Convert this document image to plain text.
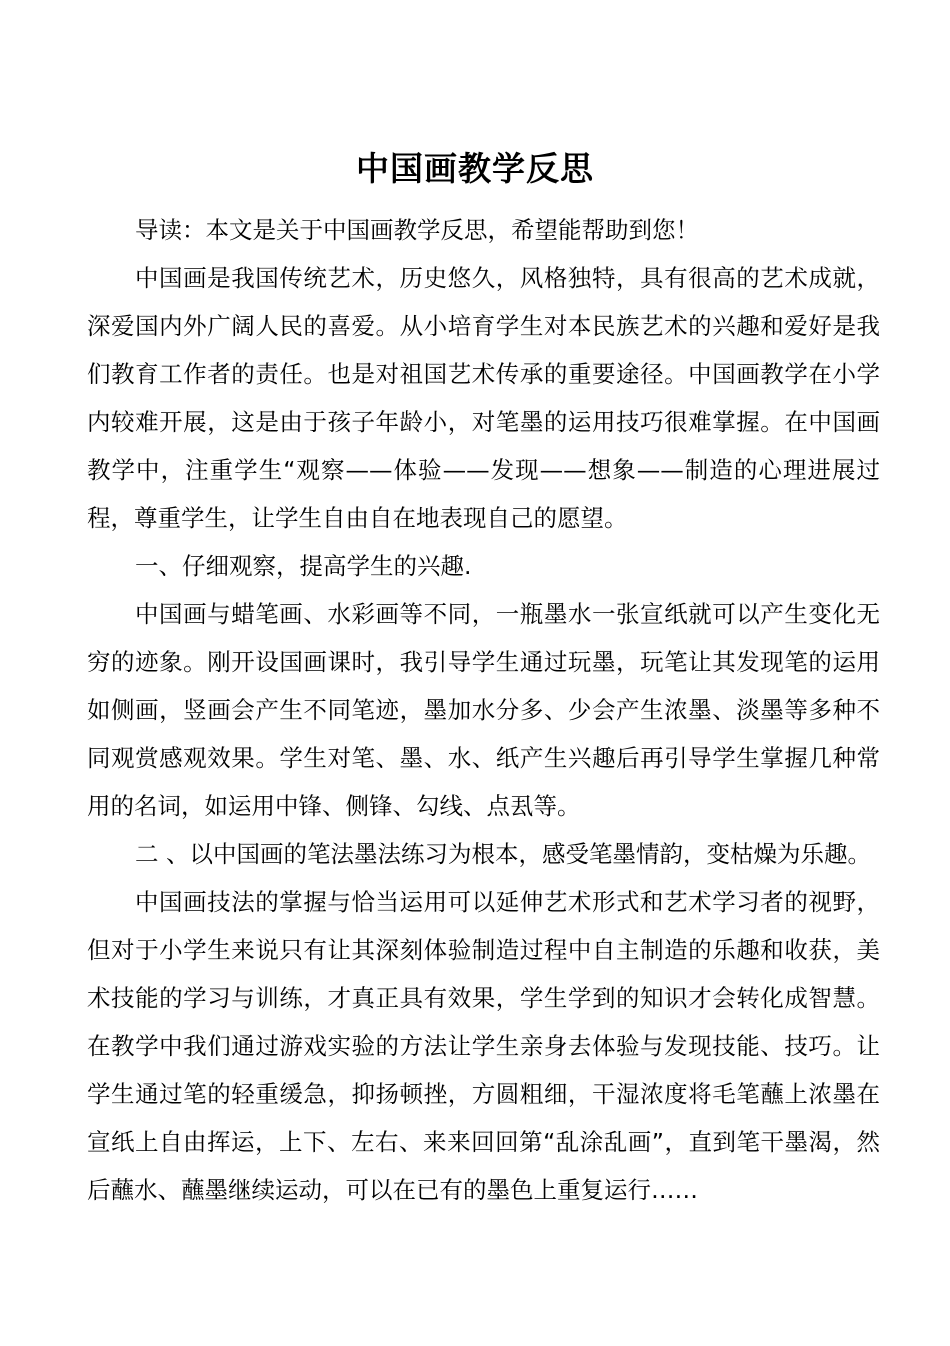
中国画教学反思

导读：本文是关于中国画教学反思，希望能帮助到您！

中国画是我国传统艺术，历史悠久，风格独特，具有很高的艺术成就，深爱国内外广阔人民的喜爱。从小培育学生对本民族艺术的兴趣和爱好是我们教育工作者的责任。也是对祖国艺术传承的重要途径。中国画教学在小学内较难开展，这是由于孩子年龄小，对笔墨的运用技巧很难掌握。在中国画教学中，注重学生“观察——体验——发现——想象——制造的心理进展过程，尊重学生，让学生自由自在地表现自己的愿望。

一、仔细观察，提高学生的兴趣.

中国画与蜡笔画、水彩画等不同，一瓶墨水一张宣纸就可以产生变化无穷的迹象。刚开设国画课时，我引导学生通过玩墨，玩笔让其发现笔的运用如侧画，竖画会产生不同笔迹，墨加水分多、少会产生浓墨、淡墨等多种不同观赏感观效果。学生对笔、墨、水、纸产生兴趣后再引导学生掌握几种常用的名词，如运用中锋、侧锋、勾线、点厾等。

二 、以中国画的笔法墨法练习为根本，感受笔墨情韵，变枯燥为乐趣。

中国画技法的掌握与恰当运用可以延伸艺术形式和艺术学习者的视野，但对于小学生来说只有让其深刻体验制造过程中自主制造的乐趣和收获，美术技能的学习与训练，才真正具有效果，学生学到的知识才会转化成智慧。在教学中我们通过游戏实验的方法让学生亲身去体验与发现技能、技巧。让学生通过笔的轻重缓急，抑扬顿挫，方圆粗细，干湿浓度将毛笔蘸上浓墨在宣纸上自由挥运，上下、左右、来来回回第“乱涂乱画”，直到笔干墨渴，然后蘸水、蘸墨继续运动，可以在已有的墨色上重复运行……
